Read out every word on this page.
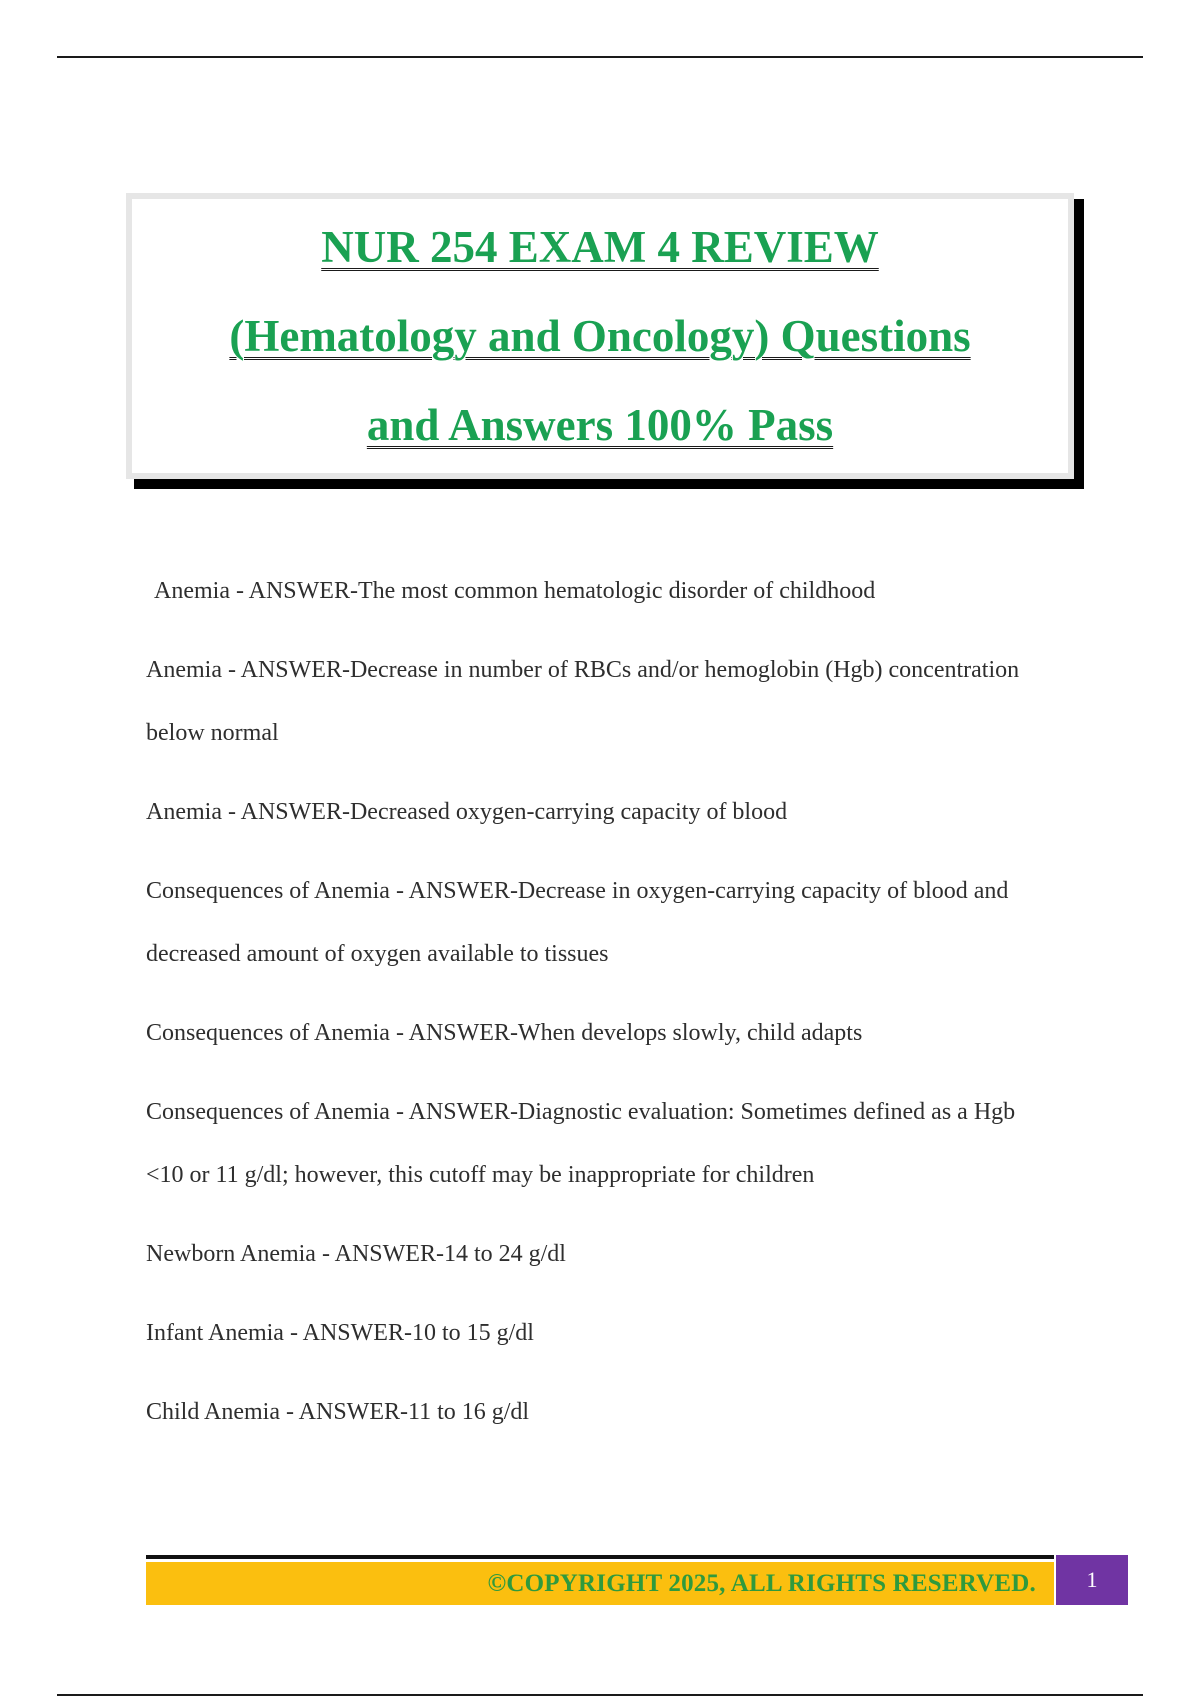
NUR 254 EXAM 4 REVIEW
(Hematology and Oncology) Questions
and Answers 100% Pass
Anemia - ANSWER-The most common hematologic disorder of childhood
Anemia - ANSWER-Decrease in number of RBCs and/or hemoglobin (Hgb) concentration below normal
Anemia - ANSWER-Decreased oxygen-carrying capacity of blood
Consequences of Anemia - ANSWER-Decrease in oxygen-carrying capacity of blood and decreased amount of oxygen available to tissues
Consequences of Anemia - ANSWER-When develops slowly, child adapts
Consequences of Anemia - ANSWER-Diagnostic evaluation: Sometimes defined as a Hgb <10 or 11 g/dl; however, this cutoff may be inappropriate for children
Newborn Anemia - ANSWER-14 to 24 g/dl
Infant Anemia - ANSWER-10 to 15 g/dl
Child Anemia - ANSWER-11 to 16 g/dl
©COPYRIGHT 2025, ALL RIGHTS RESERVED.	1
